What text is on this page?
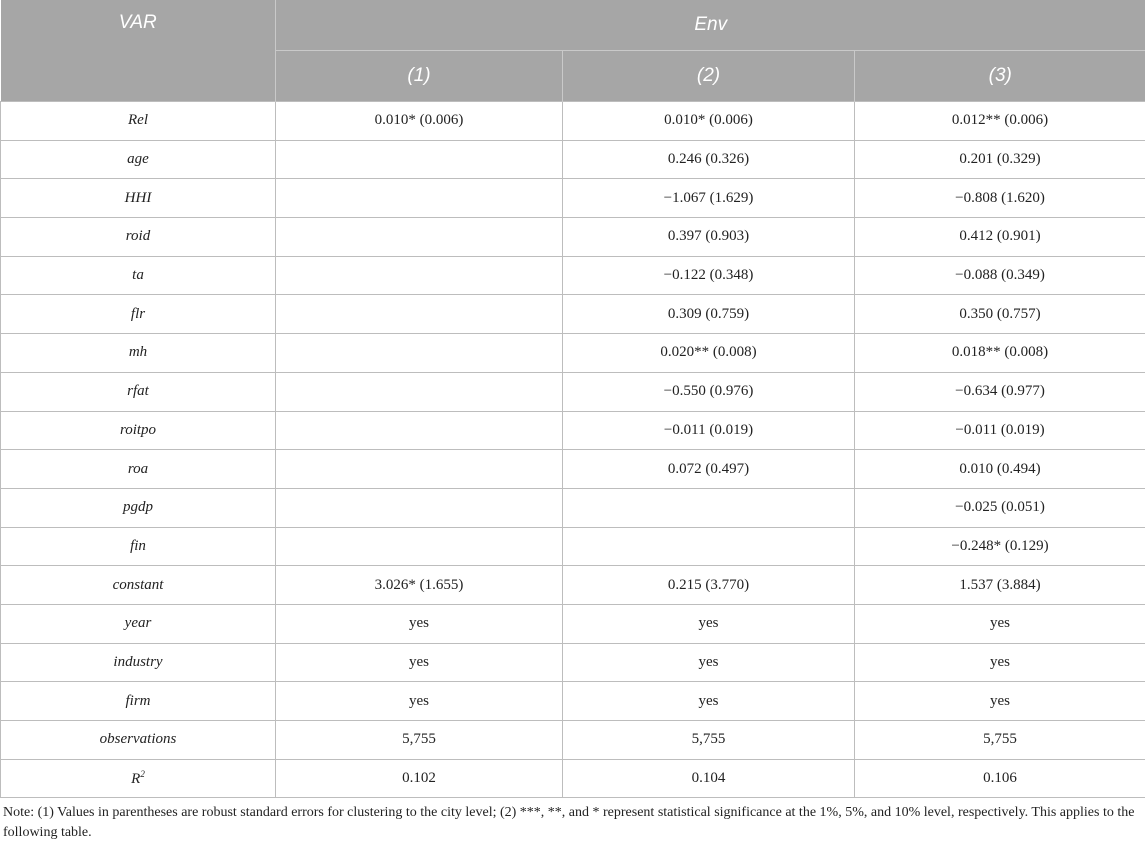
VAR	Env		
	(1)	(2)	(3)
Rel	0.010* (0.006)	0.010* (0.006)	0.012** (0.006)
age		0.246 (0.326)	0.201 (0.329)
HHI		−1.067 (1.629)	−0.808 (1.620)
roid		0.397 (0.903)	0.412 (0.901)
ta		−0.122 (0.348)	−0.088 (0.349)
flr		0.309 (0.759)	0.350 (0.757)
mh		0.020** (0.008)	0.018** (0.008)
rfat		−0.550 (0.976)	−0.634 (0.977)
roitpo		−0.011 (0.019)	−0.011 (0.019)
roa		0.072 (0.497)	0.010 (0.494)
pgdp			−0.025 (0.051)
fin			−0.248* (0.129)
constant	3.026* (1.655)	0.215 (3.770)	1.537 (3.884)
year	yes	yes	yes
industry	yes	yes	yes
firm	yes	yes	yes
observations	5,755	5,755	5,755
$R^2$	0.102	0.104	0.106
Note: (1) Values in parentheses are robust standard errors for clustering to the city level; (2) ***, **, and * represent statistical significance at the 1%, 5%, and 10% level, respectively. This applies to the following table.
